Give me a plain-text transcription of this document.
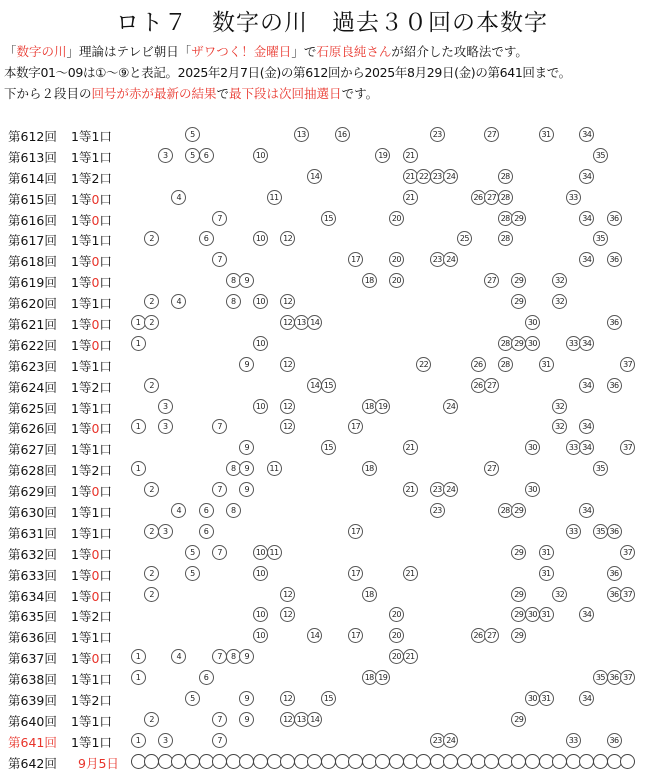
ロト７　数字の川　過去３０回の本数字
「数字の川」理論はテレビ朝日「ザワつく！金曜日」で石原良純さんが紹介した攻略法です。
本数字01〜09は①〜⑨と表記。2025年2月7日(金)の第612回から2025年8月29日(金)の第641回まで。
下から２段目の回号が赤が最新の結果で最下段は次回抽選日です。
第612回 1等1口	5	13	16	23	27	31	34
第613回 1等1口	3	5	6	10	19	21	35
第614回 1等2口	14	21 22 23 24	28	34
第615回 1等0口	4	11	21	26 27 28	33
第616回 1等0口	7	15	20	28 29	34	36
第617回 1等1口	2	6	10	12	25	28	35
第618回 1等0口	7	17	20	23 24	34	36
第619回 1等0口	8	9	18	20	27	29	32
第620回 1等1口	2	4	8	10	12	29	32
第621回 1等0口	1	2	12 13 14	30	36
第622回 1等0口	1	10	28 29 30	33 34
第623回 1等1口	9	12	22	26	28	31	37
第624回 1等2口	2	14 15	26 27	34	36
第625回 1等1口	3	10	12	18 19	24	32
第626回 1等0口	1	3	7	12	17	32	34
第627回 1等1口	9	15	21	30	33 34	37
第628回 1等2口	1	8	9	11	18	27	35
第629回 1等0口	2	7	9	21	23 24	30
第630回 1等1口	4	6	8	23	28 29	34
第631回 1等1口	2	3	6	17	33	35 36
第632回 1等0口	5	7	10 11	29	31	37
第633回 1等0口	2	5	10	17	21	31	36
第634回 1等0口	2	12	18	29	32	36 37
第635回 1等2口	10	12	20	29 30 31	34
第636回 1等1口	10	14	17	20	26 27	29
第637回 1等0口	1	4	7	8	9	20 21
第638回 1等1口	1	6	18 19	35 36 37
第639回 1等2口	5	9	12	15	30 31	34
第640回 1等1口	2	7	9	12 13 14	29
第641回 1等1口	1	3	7	23 24	33	36
第642回 9月5日
